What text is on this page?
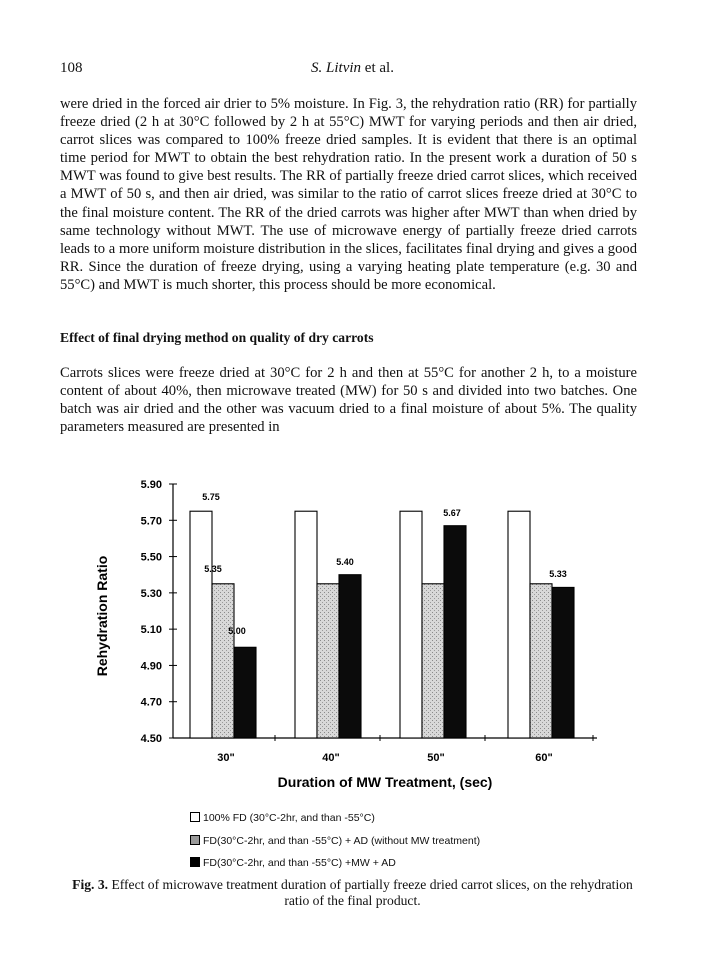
108	S. Litvin et al.

were dried in the forced air drier to 5% moisture. In Fig. 3, the rehydration ratio (RR) for partially freeze dried (2 h at 30°C followed by 2 h at 55°C) MWT for varying periods and then air dried, carrot slices was compared to 100% freeze dried samples. It is evident that there is an optimal time period for MWT to obtain the best rehydration ratio. In the present work a duration of 50 s MWT was found to give best results. The RR of partially freeze dried carrot slices, which received a MWT of 50 s, and then air dried, was similar to the ratio of carrot slices freeze dried at 30°C to the final moisture content. The RR of the dried carrots was higher after MWT than when dried by same technology without MWT. The use of microwave energy of partially freeze dried carrots leads to a more uniform moisture distribution in the slices, facilitates final drying and gives a good RR. Since the duration of freeze drying, using a varying heating plate temperature (e.g. 30 and 55°C) and MWT is much shorter, this process should be more economical.

Effect of final drying method on quality of dry carrots

Carrots slices were freeze dried at 30°C for 2 h and then at 55°C for another 2 h, to a moisture content of about 40%, then microwave treated (MW) for 50 s and divided into two batches. One batch was air dried and the other was vacuum dried to a final moisture of about 5%. The quality parameters measured are presented in

5.90
5.70
5.50
5.30
5.10
4.90
4.70
4.50
Rehydration Ratio
Duration of MW Treatment, (sec)
30"	40"	50"	60"
5.75
5.35
5.00
5.40
5.67
5.33
100% FD (30°C-2hr, and than -55°C)
FD(30°C-2hr, and than -55°C) + AD (without MW treatment)
FD(30°C-2hr, and than -55°C) +MW + AD
Fig. 3. Effect of microwave treatment duration of partially freeze dried carrot slices, on the rehydration ratio of the final product.
